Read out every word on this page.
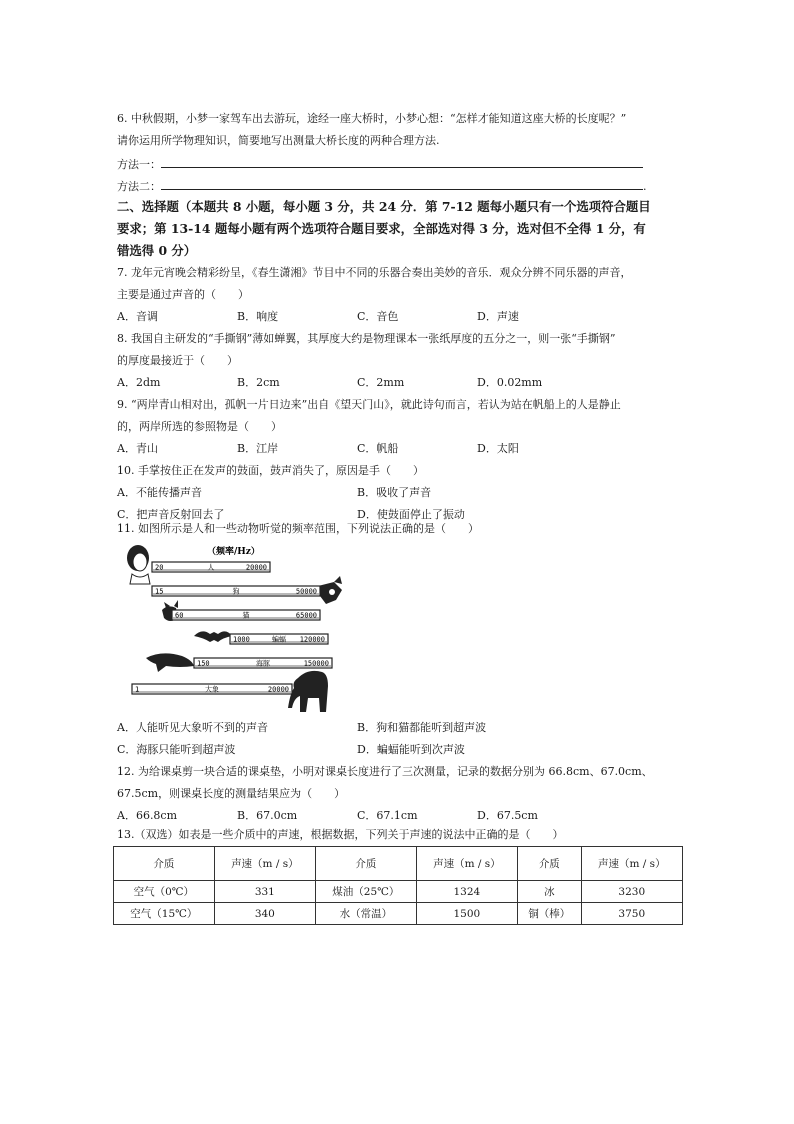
6. 中秋假期，小梦一家驾车出去游玩，途经一座大桥时，小梦心想：“怎样才能知道这座大桥的长度呢？”
请你运用所学物理知识，简要地写出测量大桥长度的两种合理方法.
方法一：
方法二：	.
二、选择题（本题共 8 小题，每小题 3 分，共 24 分．第 7-12 题每小题只有一个选项符合题目
要求；第 13-14 题每小题有两个选项符合题目要求，全部选对得 3 分，选对但不全得 1 分，有
错选得 0 分）
7. 龙年元宵晚会精彩纷呈，《春生潇湘》节目中不同的乐器合奏出美妙的音乐．观众分辨不同乐器的声音，
主要是通过声音的（　　）
A．音调	B．响度	C．音色	D．声速
8. 我国自主研发的“手撕钢”薄如蝉翼，其厚度大约是物理课本一张纸厚度的五分之一，则一张“手撕钢”
的厚度最接近于（　　）
A．2dm	B．2cm	C．2mm	D．0.02mm
9. “两岸青山相对出，孤帆一片日边来”出自《望天门山》，就此诗句而言，若认为站在帆船上的人是静止
的，两岸所选的参照物是（　　）
A．青山	B．江岸	C．帆船	D．太阳
10. 手掌按住正在发声的鼓面，鼓声消失了，原因是手（　　）
A．不能传播声音	B．吸收了声音
C．把声音反射回去了	D．使鼓面停止了振动
11. 如图所示是人和一些动物听觉的频率范围，下列说法正确的是（　　）
（频率/Hz）
20	人	20000
15	狗	50000
60	猫	65000
1000	蝙蝠 120000
150	海豚	150000
1	大象	20000
A．人能听见大象听不到的声音	B．狗和猫都能听到超声波
C．海豚只能听到超声波	D．蝙蝠能听到次声波
12. 为给课桌剪一块合适的课桌垫，小明对课桌长度进行了三次测量，记录的数据分别为 66.8cm、67.0cm、
67.5cm，则课桌长度的测量结果应为（　　）
A．66.8cm	B．67.0cm	C．67.1cm	D．67.5cm
13.（双选）如表是一些介质中的声速，根据数据，下列关于声速的说法中正确的是（　　）
介质	声速（m / s）	介质	声速（m / s）	介质	声速（m / s）
空气（0℃）	331	煤油（25℃）	1324	冰	3230
空气（15℃）	340	水（常温）	1500	铜（棒）	3750
